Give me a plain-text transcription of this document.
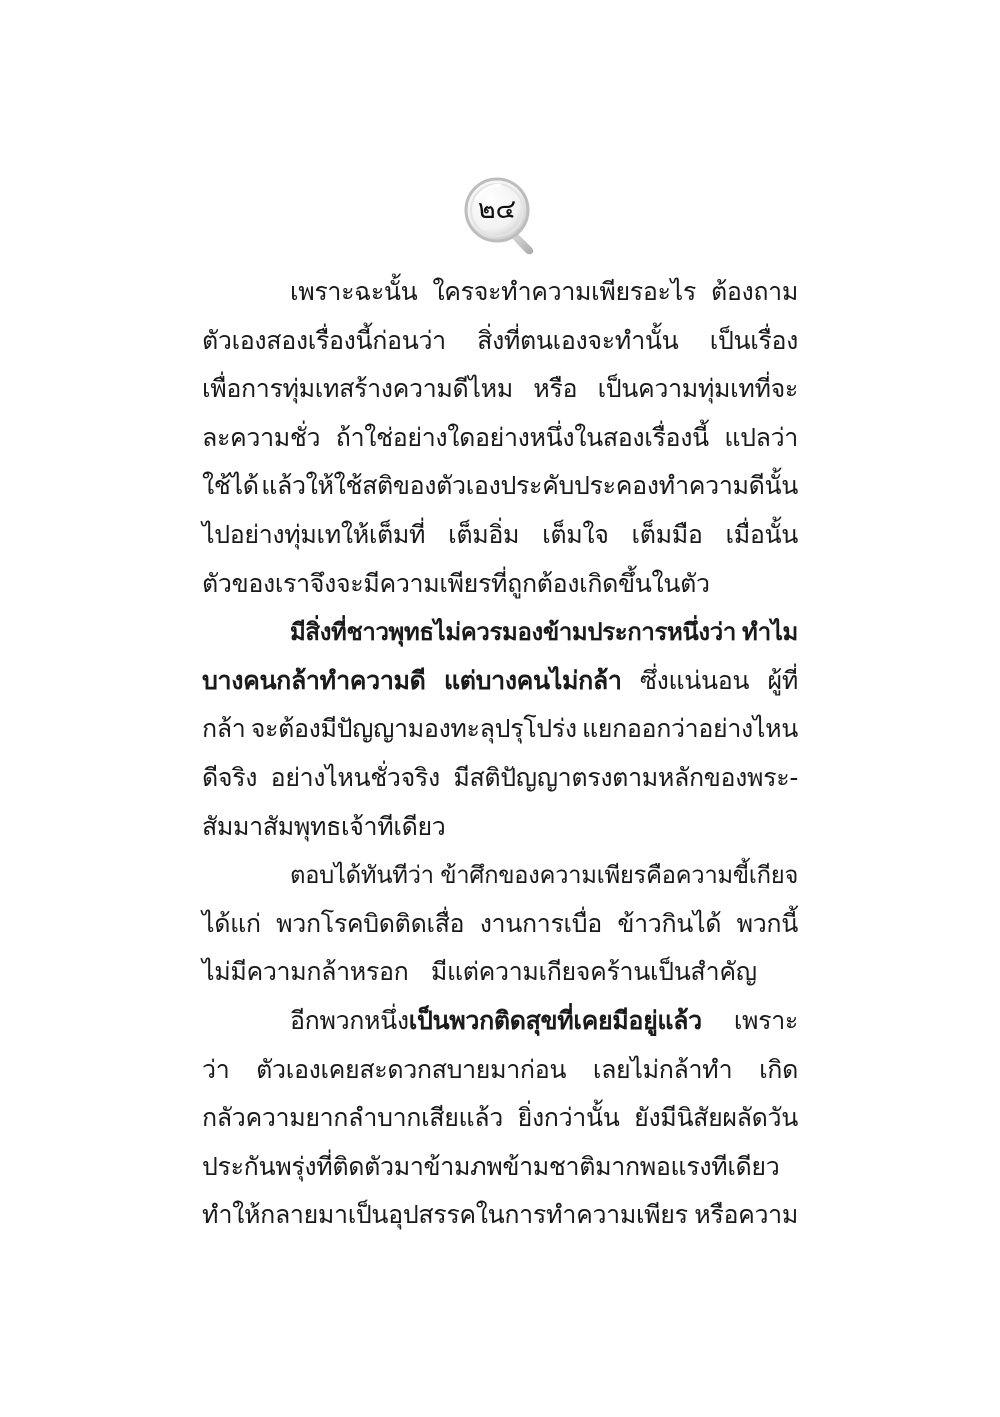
๒๔
เพราะฉะนั้น ใครจะทำความเพียรอะไร ต้องถาม
ตัวเองสองเรื่องนี้ก่อนว่า สิ่งที่ตนเองจะทำนั้น เป็นเรื่อง
เพื่อการทุ่มเทสร้างความดีไหม หรือ เป็นความทุ่มเทที่จะ
ละความชั่ว ถ้าใช่อย่างใดอย่างหนึ่งในสองเรื่องนี้ แปลว่า
ใช้ได้ แล้วให้ใช้สติของตัวเองประคับประคองทำความดีนั้น
ไปอย่างทุ่มเทให้เต็มที่ เต็มอิ่ม เต็มใจ เต็มมือ เมื่อนั้น
ตัวของเราจึงจะมีความเพียรที่ถูกต้องเกิดขึ้นในตัว
มีสิ่งที่ชาวพุทธไม่ควรมองข้ามประการหนึ่งว่า ทำไม
บางคนกล้าทำความดี แต่บางคนไม่กล้า ซึ่งแน่นอน ผู้ที่
กล้า จะต้องมีปัญญามองทะลุปรุโปร่ง แยกออกว่าอย่างไหน
ดีจริง อย่างไหนชั่วจริง มีสติปัญญาตรงตามหลักของพระ-
สัมมาสัมพุทธเจ้าทีเดียว
ตอบได้ทันทีว่า ข้าศึกของความเพียรคือความขี้เกียจ
ได้แก่ พวกโรคบิดติดเสื่อ งานการเบื่อ ข้าวกินได้ พวกนี้
ไม่มีความกล้าหรอก มีแต่ความเกียจคร้านเป็นสำคัญ
อีกพวกหนึ่งเป็นพวกติดสุขที่เคยมีอยู่แล้ว เพราะ
ว่า ตัวเองเคยสะดวกสบายมาก่อน เลยไม่กล้าทำ เกิด
กลัวความยากลำบากเสียแล้ว ยิ่งกว่านั้น ยังมีนิสัยผลัดวัน
ประกันพรุ่งที่ติดตัวมาข้ามภพข้ามชาติมากพอแรงทีเดียว
ทำให้กลายมาเป็นอุปสรรคในการทำความเพียร หรือความ
